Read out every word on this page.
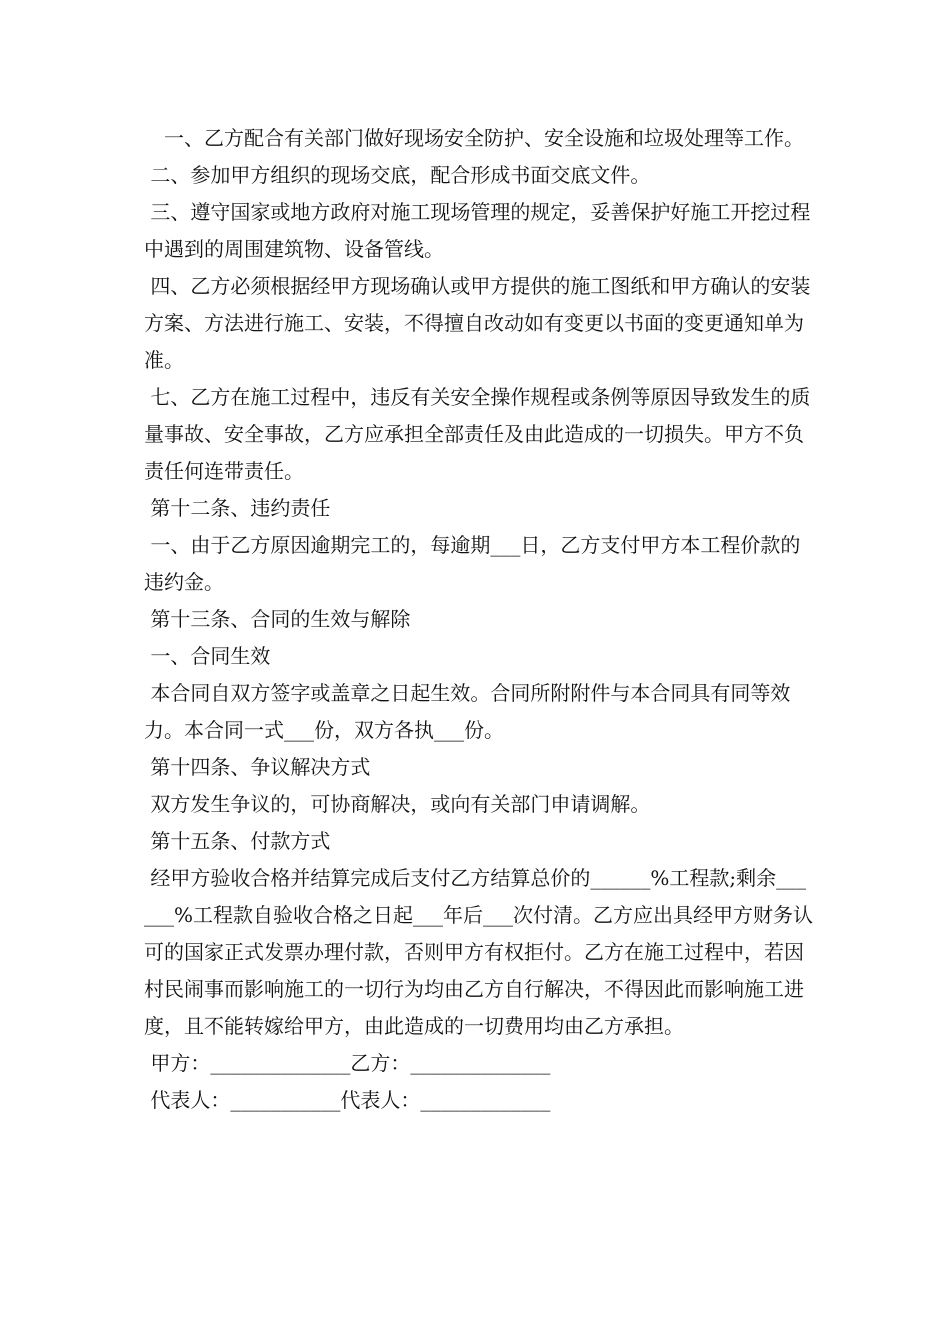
　一、乙方配合有关部门做好现场安全防护、安全设施和垃圾处理等工作。

二、参加甲方组织的现场交底，配合形成书面交底文件。

三、遵守国家或地方政府对施工现场管理的规定，妥善保护好施工开挖过程中遇到的周围建筑物、设备管线。

四、乙方必须根据经甲方现场确认或甲方提供的施工图纸和甲方确认的安装方案、方法进行施工、安装，不得擅自改动如有变更以书面的变更通知单为准。

七、乙方在施工过程中，违反有关安全操作规程或条例等原因导致发生的质量事故、安全事故，乙方应承担全部责任及由此造成的一切损失。甲方不负责任何连带责任。

第十二条、违约责任

一、由于乙方原因逾期完工的，每逾期___日，乙方支付甲方本工程价款的违约金。

第十三条、合同的生效与解除

一、合同生效

本合同自双方签字或盖章之日起生效。合同所附附件与本合同具有同等效力。本合同一式___份，双方各执___份。

第十四条、争议解决方式

双方发生争议的，可协商解决，或向有关部门申请调解。

第十五条、付款方式

经甲方验收合格并结算完成后支付乙方结算总价的______%工程款;剩余______%工程款自验收合格之日起___年后___次付清。乙方应出具经甲方财务认可的国家正式发票办理付款，否则甲方有权拒付。乙方在施工过程中，若因村民闹事而影响施工的一切行为均由乙方自行解决，不得因此而影响施工进度，且不能转嫁给甲方，由此造成的一切费用均由乙方承担。

甲方：______________乙方：______________

代表人：___________代表人：_____________
